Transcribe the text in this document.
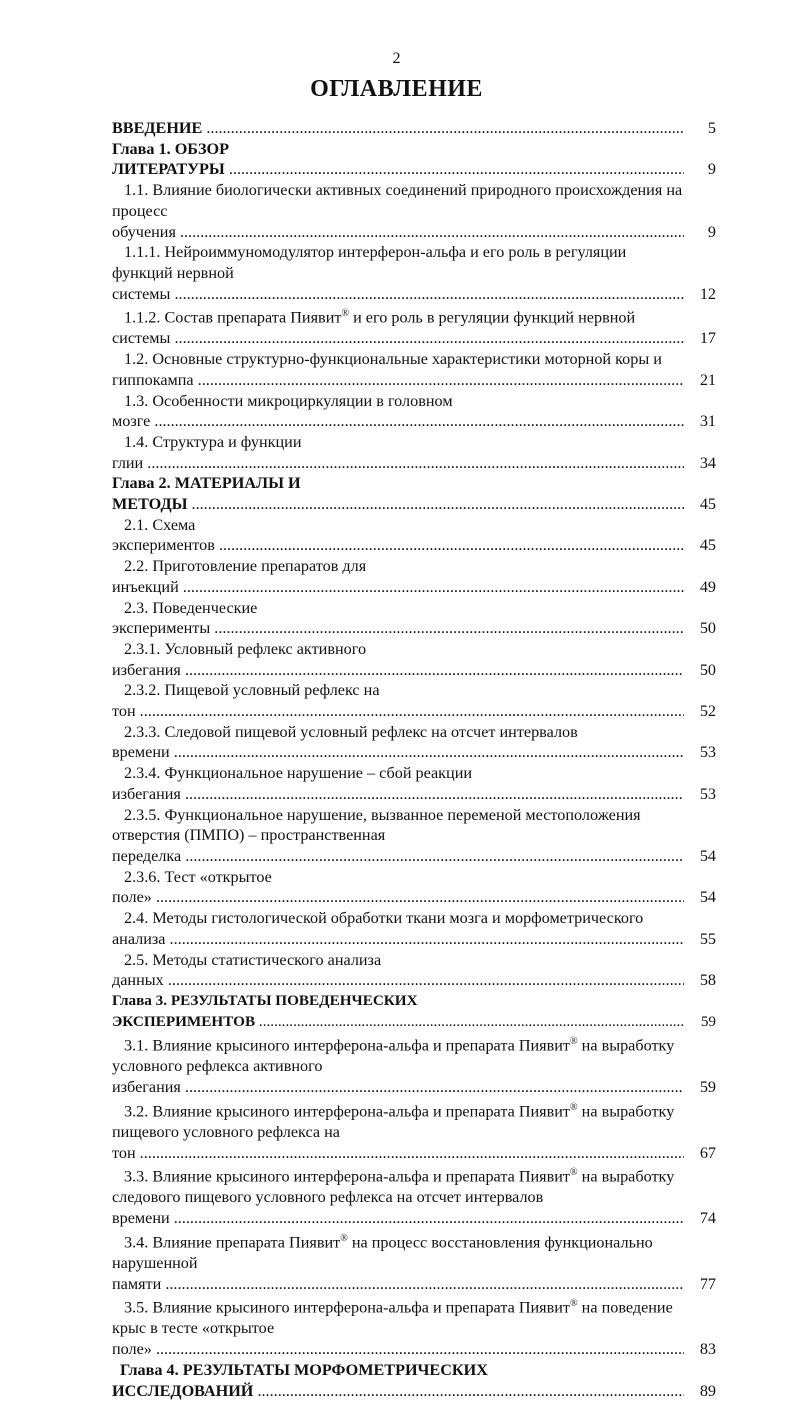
2
ОГЛАВЛЕНИЕ
ВВЕДЕНИЕ .....	5
Глава 1. ОБЗОР ЛИТЕРАТУРЫ .....	9
1.1. Влияние биологически активных соединений природного происхождения на процесс обучения .....	9
1.1.1. Нейроиммуномодулятор интерферон-альфа и его роль в регуляции функций нервной системы .....	12
1.1.2. Состав препарата Пиявит® и его роль в регуляции функций нервной системы .....	17
1.2. Основные структурно-функциональные характеристики моторной коры и гиппокампа .....	21
1.3. Особенности микроциркуляции в головном мозге .....	31
1.4. Структура и функции глии .....	34
Глава 2. МАТЕРИАЛЫ И МЕТОДЫ .....	45
2.1. Схема экспериментов .....	45
2.2. Приготовление препаратов для инъекций .....	49
2.3. Поведенческие эксперименты .....	50
2.3.1. Условный рефлекс активного избегания .....	50
2.3.2. Пищевой условный рефлекс на тон .....	52
2.3.3. Следовой пищевой условный рефлекс на отсчет интервалов времени .....	53
2.3.4. Функциональное нарушение – сбой реакции избегания .....	53
2.3.5. Функциональное нарушение, вызванное переменой местоположения отверстия (ПМПО) – пространственная переделка .....	54
2.3.6. Тест «открытое поле» .....	54
2.4. Методы гистологической обработки ткани мозга и морфометрического анализа .....	55
2.5. Методы статистического анализа данных .....	58
Глава 3. РЕЗУЛЬТАТЫ ПОВЕДЕНЧЕСКИХ ЭКСПЕРИМЕНТОВ .....	59
3.1. Влияние крысиного интерферона-альфа и препарата Пиявит® на выработку условного рефлекса активного избегания .....	59
3.2. Влияние крысиного интерферона-альфа и препарата Пиявит® на выработку пищевого условного рефлекса на тон .....	67
3.3. Влияние крысиного интерферона-альфа и препарата Пиявит® на выработку следового пищевого условного рефлекса на отсчет интервалов времени .....	74
3.4. Влияние препарата Пиявит® на процесс восстановления функционально нарушенной памяти .....	77
3.5. Влияние крысиного интерферона-альфа и препарата Пиявит® на поведение крыс в тесте «открытое поле» .....	83
Глава 4. РЕЗУЛЬТАТЫ МОРФОМЕТРИЧЕСКИХ ИССЛЕДОВАНИЙ .....	89
